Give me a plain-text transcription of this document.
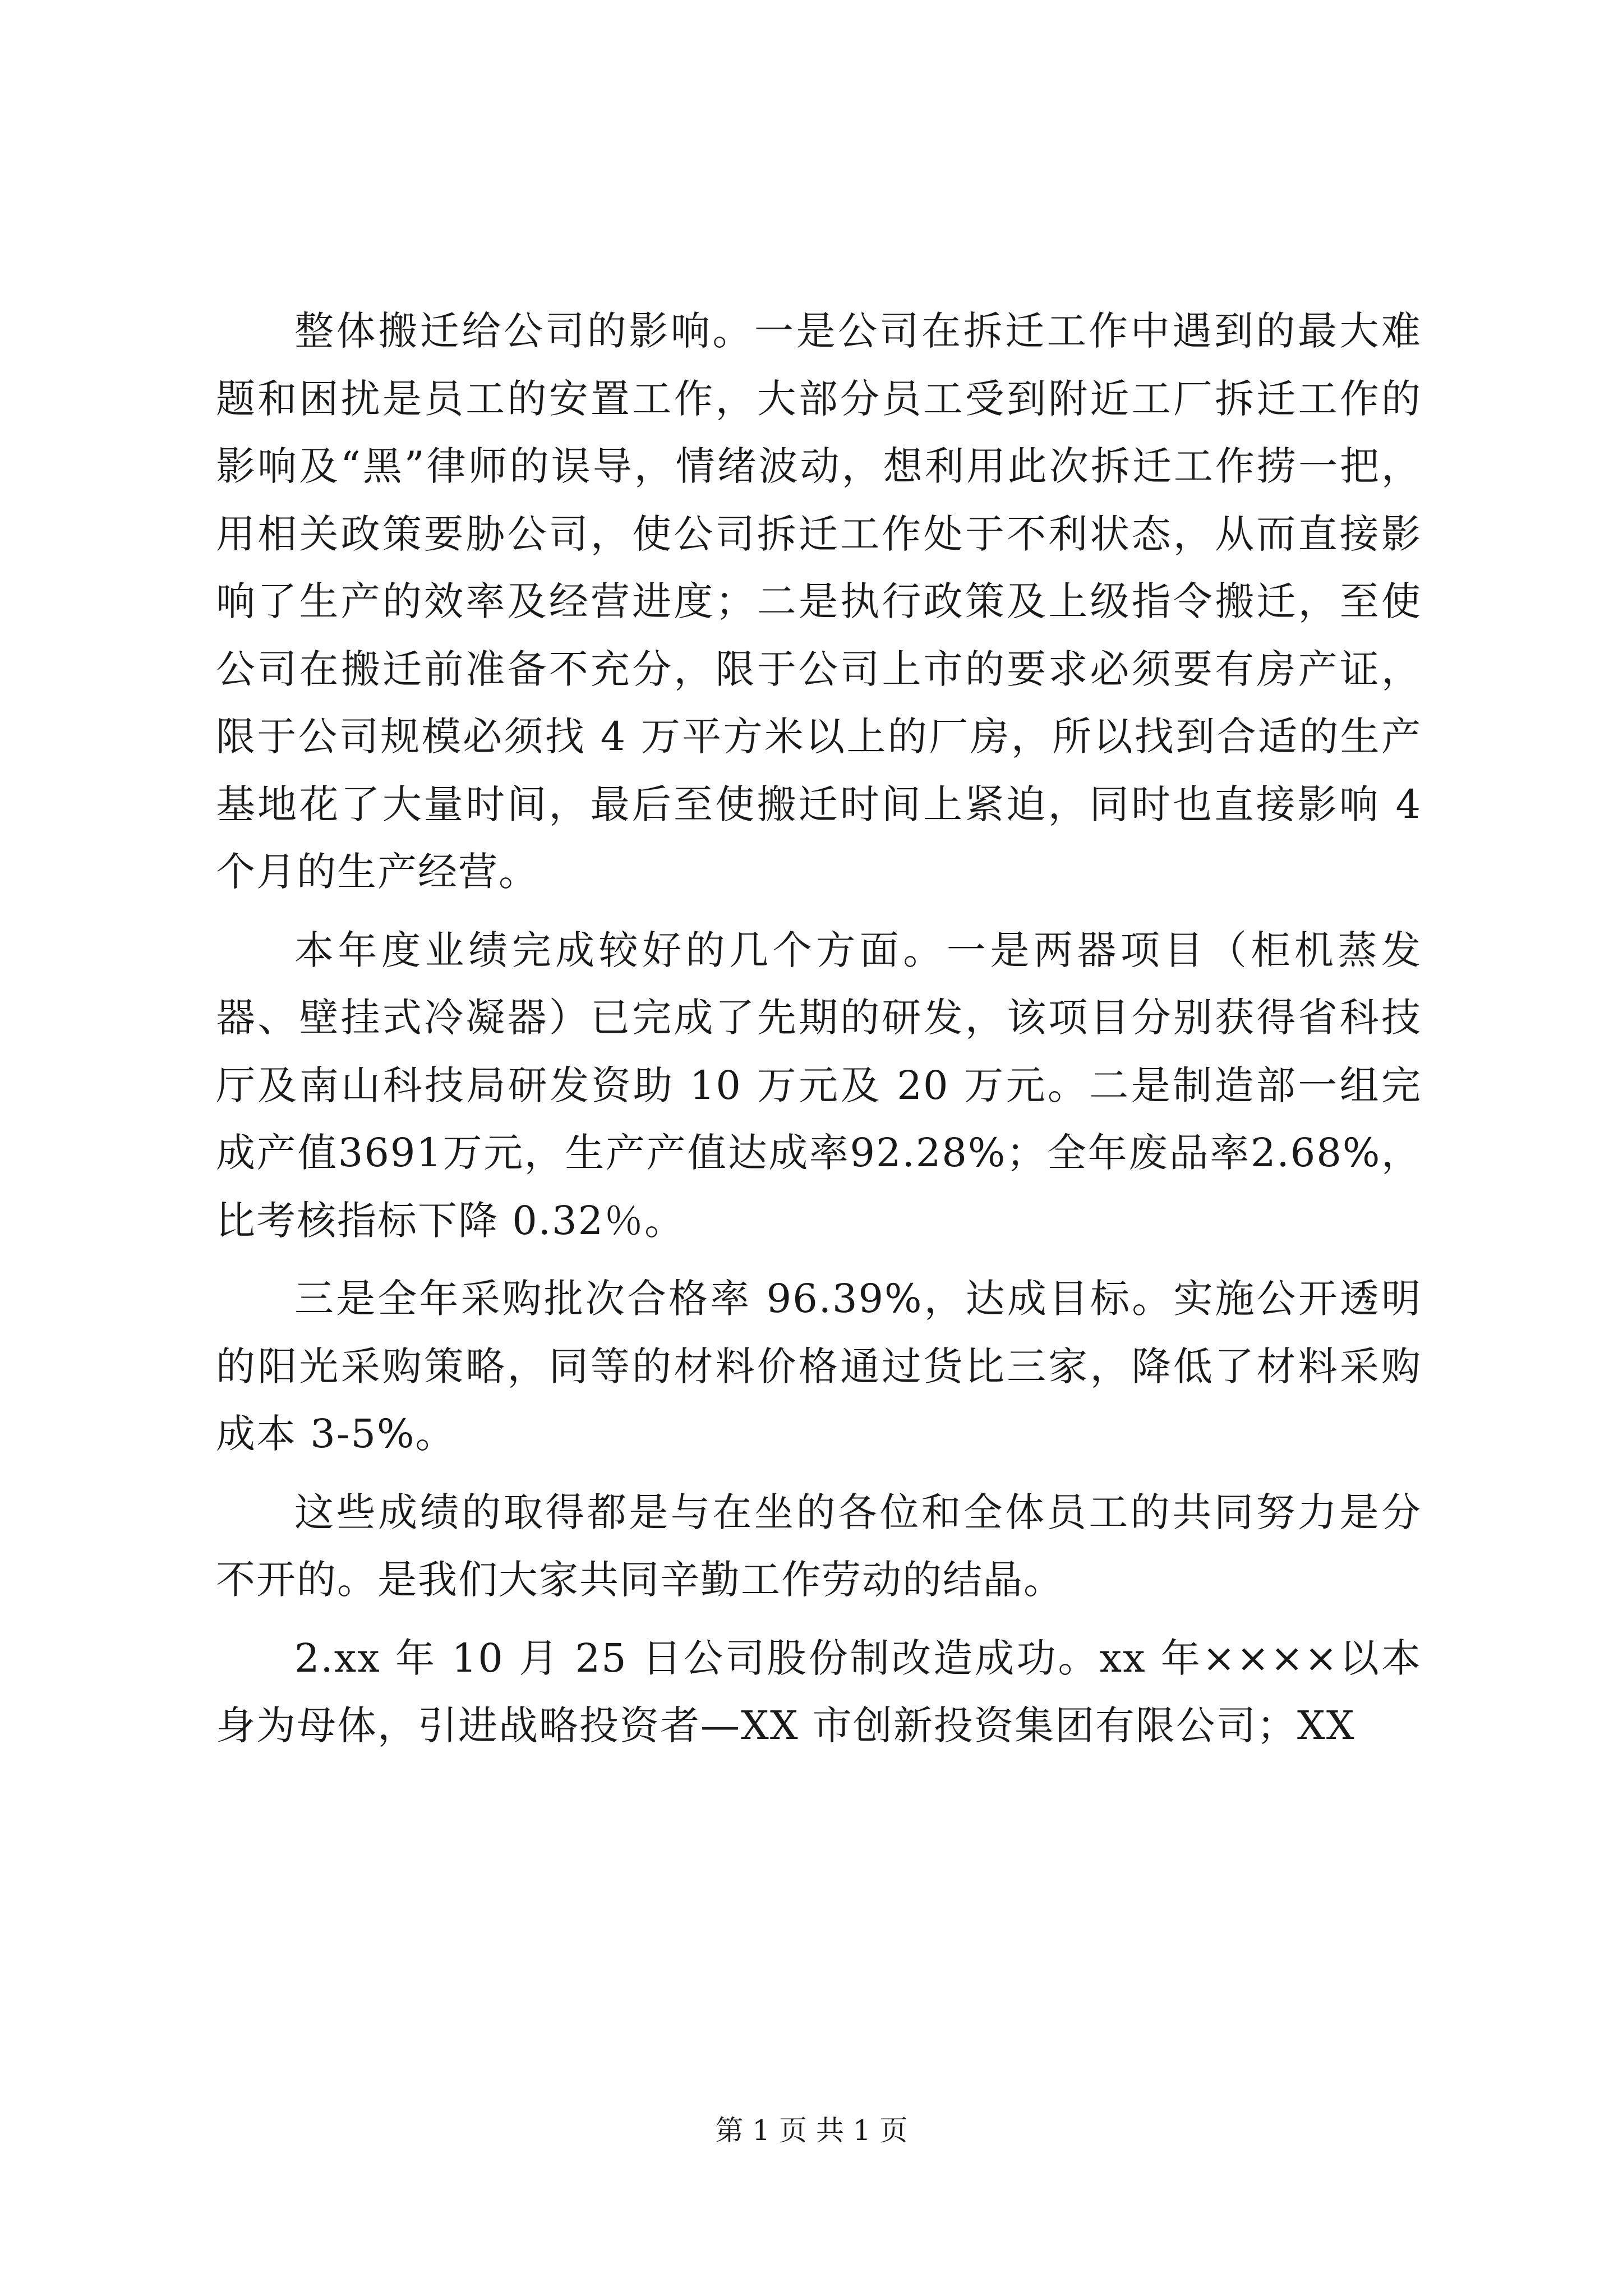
整体搬迁给公司的影响。一是公司在拆迁工作中遇到的最大难题和困扰是员工的安置工作，大部分员工受到附近工厂拆迁工作的影响及“黑”律师的误导，情绪波动，想利用此次拆迁工作捞一把，用相关政策要胁公司，使公司拆迁工作处于不利状态，从而直接影响了生产的效率及经营进度；二是执行政策及上级指令搬迁，至使公司在搬迁前准备不充分，限于公司上市的要求必须要有房产证，限于公司规模必须找 4 万平方米以上的厂房，所以找到合适的生产基地花了大量时间，最后至使搬迁时间上紧迫，同时也直接影响 4 个月的生产经营。

本年度业绩完成较好的几个方面。一是两器项目（柜机蒸发器、壁挂式冷凝器）已完成了先期的研发，该项目分别获得省科技厅及南山科技局研发资助 10 万元及 20 万元。二是制造部一组完成产值3691万元，生产产值达成率92.28%；全年废品率2.68%，比考核指标下降 0.32％。

三是全年采购批次合格率 96.39%，达成目标。实施公开透明的阳光采购策略，同等的材料价格通过货比三家，降低了材料采购成本 3-5%。

这些成绩的取得都是与在坐的各位和全体员工的共同努力是分不开的。是我们大家共同辛勤工作劳动的结晶。

2.xx 年 10 月 25 日公司股份制改造成功。xx 年××××以本身为母体，引进战略投资者—XX 市创新投资集团有限公司；XX

第 1 页 共 1 页
